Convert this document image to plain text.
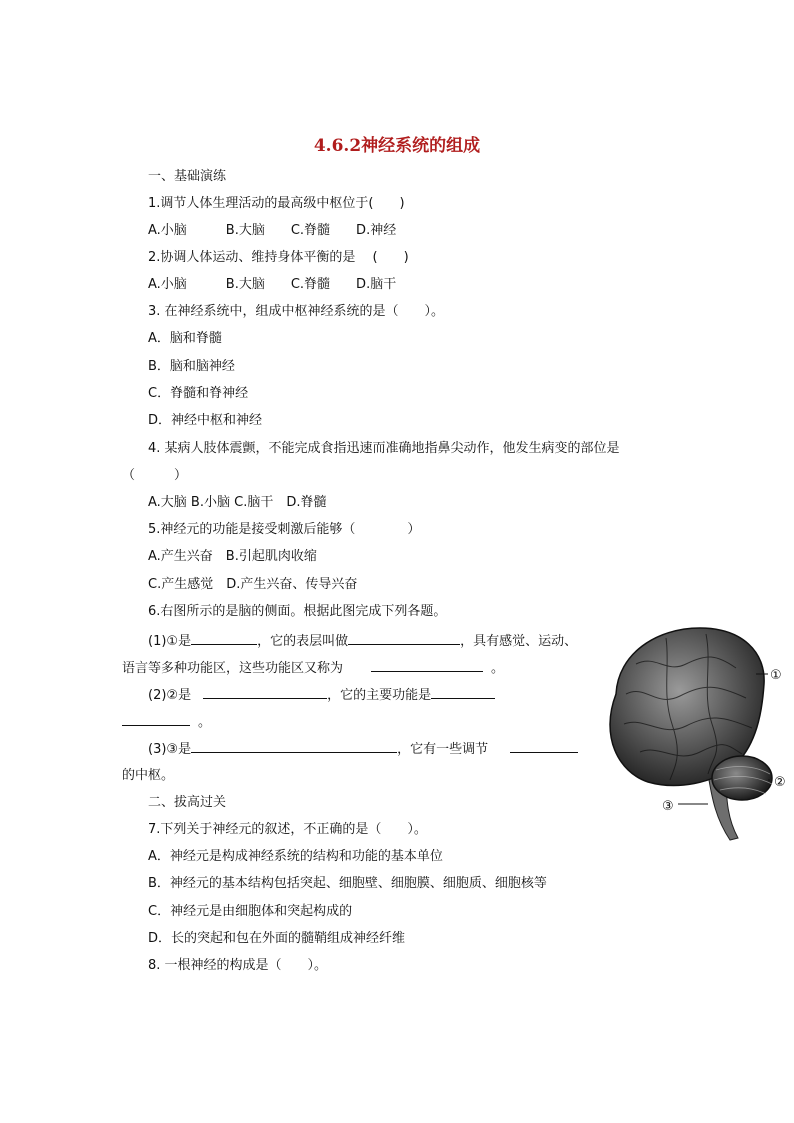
4.6.2神经系统的组成
一、基础演练
1.调节人体生理活动的最高级中枢位于(　　)
A.小脑　　　B.大脑　　C.脊髓　　D.神经
2.协调人体运动、维持身体平衡的是　 (　　)
A.小脑　　　B.大脑　　C.脊髓　　D.脑干
3. 在神经系统中，组成中枢神经系统的是（　　）。
A．脑和脊髓
B．脑和脑神经
C．脊髓和脊神经
D．神经中枢和神经
4. 某病人肢体震颤，不能完成食指迅速而准确地指鼻尖动作，他发生病变的部位是
（　　　）
A.大脑 B.小脑 C.脑干　D.脊髓
5.神经元的功能是接受刺激后能够（　　　　）
A.产生兴奋　B.引起肌肉收缩
C.产生感觉　D.产生兴奋、传导兴奋
6.右图所示的是脑的侧面。根据此图完成下列各题。
(1)①是	，它的表层叫做	，具有感觉、运动、
语言等多种功能区，这些功能区又称为	。
(2)②是	，它的主要功能是
。
(3)③是	，它有一些调节
的中枢。
二、拔高过关
7.下列关于神经元的叙述，不正确的是（　　）。
A．神经元是构成神经系统的结构和功能的基本单位
B．神经元的基本结构包括突起、细胞壁、细胞膜、细胞质、细胞核等
C．神经元是由细胞体和突起构成的
D．长的突起和包在外面的髓鞘组成神经纤维
8. 一根神经的构成是（　　）。
①
②
③
